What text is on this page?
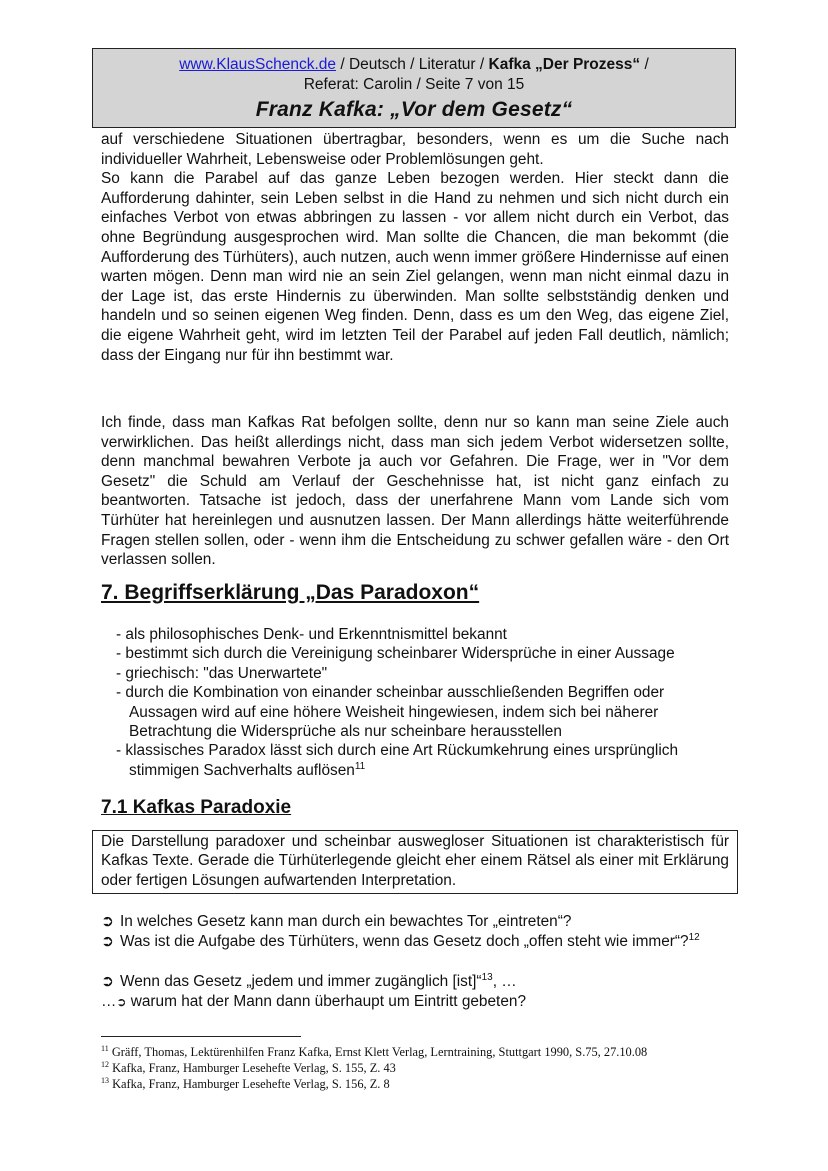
www.KlausSchenck.de / Deutsch / Literatur / Kafka „Der Prozess“ /
Referat: Carolin / Seite 7 von 15
Franz Kafka: „Vor dem Gesetz“

auf verschiedene Situationen übertragbar, besonders, wenn es um die Suche nach individueller Wahrheit, Lebensweise oder Problemlösungen geht.

So kann die Parabel auf das ganze Leben bezogen werden. Hier steckt dann die Aufforderung dahinter, sein Leben selbst in die Hand zu nehmen und sich nicht durch ein einfaches Verbot von etwas abbringen zu lassen - vor allem nicht durch ein Verbot, das ohne Begründung ausgesprochen wird. Man sollte die Chancen, die man bekommt (die Aufforderung des Türhüters), auch nutzen, auch wenn immer größere Hindernisse auf einen warten mögen. Denn man wird nie an sein Ziel gelangen, wenn man nicht einmal dazu in der Lage ist, das erste Hindernis zu überwinden. Man sollte selbstständig denken und handeln und so seinen eigenen Weg finden. Denn, dass es um den Weg, das eigene Ziel, die eigene Wahrheit geht, wird im letzten Teil der Parabel auf jeden Fall deutlich, nämlich; dass der Eingang nur für ihn bestimmt war.

Ich finde, dass man Kafkas Rat befolgen sollte, denn nur so kann man seine Ziele auch verwirklichen. Das heißt allerdings nicht, dass man sich jedem Verbot widersetzen sollte, denn manchmal bewahren Verbote ja auch vor Gefahren. Die Frage, wer in "Vor dem Gesetz" die Schuld am Verlauf der Geschehnisse hat, ist nicht ganz einfach zu beantworten. Tatsache ist jedoch, dass der unerfahrene Mann vom Lande sich vom Türhüter hat hereinlegen und ausnutzen lassen. Der Mann allerdings hätte weiterführende Fragen stellen sollen, oder - wenn ihm die Entscheidung zu schwer gefallen wäre - den Ort verlassen sollen.

7. Begriffserklärung „Das Paradoxon“
- als philosophisches Denk- und Erkenntnismittel bekannt
- bestimmt sich durch die Vereinigung scheinbarer Widersprüche in einer Aussage
- griechisch: "das Unerwartete"
- durch die Kombination von einander scheinbar ausschließenden Begriffen oder Aussagen wird auf eine höhere Weisheit hingewiesen, indem sich bei näherer Betrachtung die Widersprüche als nur scheinbare herausstellen
- klassisches Paradox lässt sich durch eine Art Rückumkehrung eines ursprünglich stimmigen Sachverhalts auflösen$^{11}$
7.1 Kafkas Paradoxie

Die Darstellung paradoxer und scheinbar auswegloser Situationen ist charakteristisch für Kafkas Texte. Gerade die Türhüterlegende gleicht eher einem Rätsel als einer mit Erklärung oder fertigen Lösungen aufwartenden Interpretation.

➲ In welches Gesetz kann man durch ein bewachtes Tor „eintreten“?

➲ Was ist die Aufgabe des Türhüters, wenn das Gesetz doch „offen steht wie immer“?$^{12}$

➲ Wenn das Gesetz „jedem und immer zugänglich [ist]“$^{13}$, …

…➲ warum hat der Mann dann überhaupt um Eintritt gebeten?

$^{11}$ Gräff, Thomas, Lektürenhilfen Franz Kafka, Ernst Klett Verlag, Lerntraining, Stuttgart 1990, S.75, 27.10.08

$^{12}$ Kafka, Franz, Hamburger Lesehefte Verlag, S. 155, Z. 43

$^{13}$ Kafka, Franz, Hamburger Lesehefte Verlag, S. 156, Z. 8
